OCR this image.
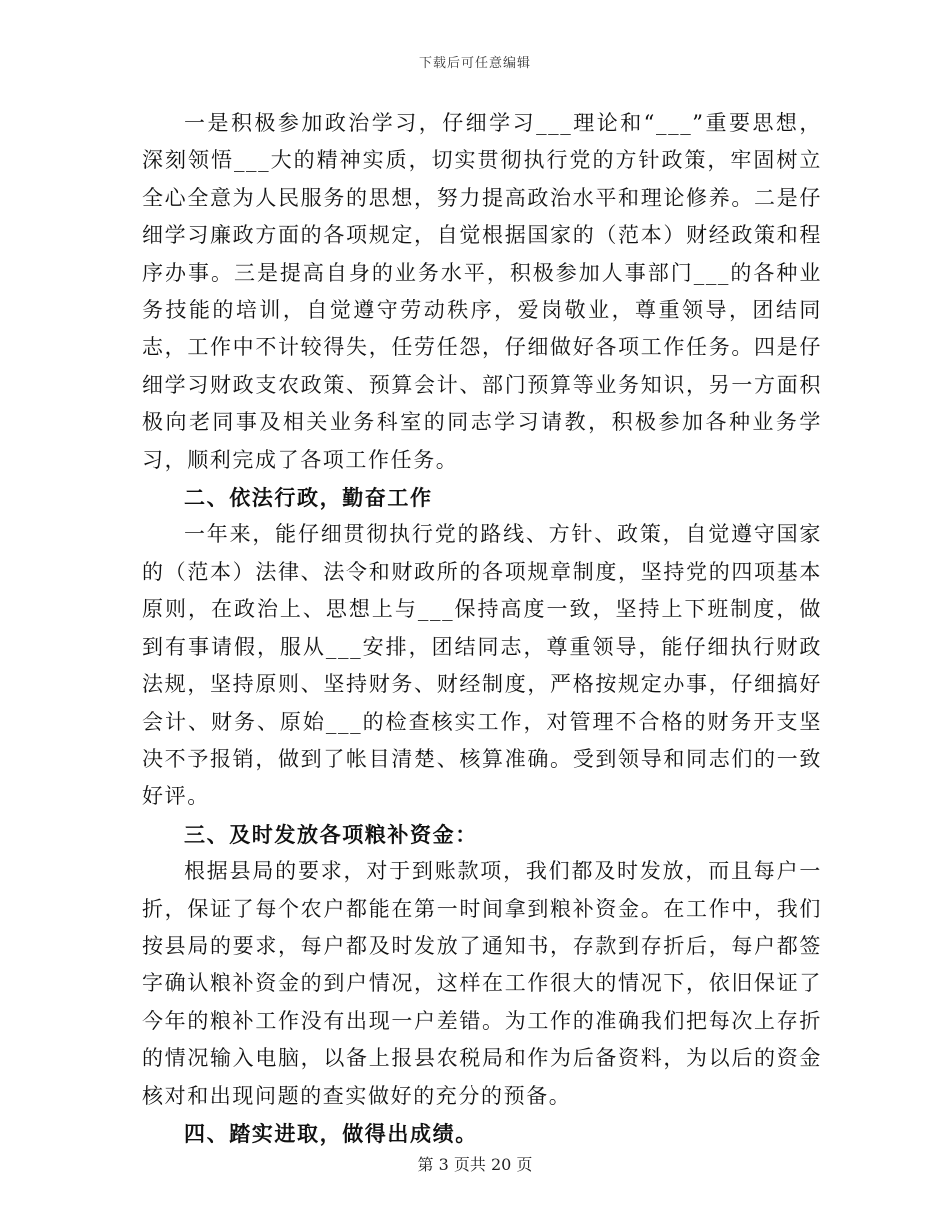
下载后可任意编辑

一是积极参加政治学习，仔细学习___理论和“___”重要思想，深刻领悟___大的精神实质，切实贯彻执行党的方针政策，牢固树立全心全意为人民服务的思想，努力提高政治水平和理论修养。二是仔细学习廉政方面的各项规定，自觉根据国家的（范本）财经政策和程序办事。三是提高自身的业务水平，积极参加人事部门___的各种业务技能的培训，自觉遵守劳动秩序，爱岗敬业，尊重领导，团结同志，工作中不计较得失，任劳任怨，仔细做好各项工作任务。四是仔细学习财政支农政策、预算会计、部门预算等业务知识，另一方面积极向老同事及相关业务科室的同志学习请教，积极参加各种业务学习，顺利完成了各项工作任务。

二、依法行政，勤奋工作

一年来，能仔细贯彻执行党的路线、方针、政策，自觉遵守国家的（范本）法律、法令和财政所的各项规章制度，坚持党的四项基本原则，在政治上、思想上与___保持高度一致，坚持上下班制度，做到有事请假，服从___安排，团结同志，尊重领导，能仔细执行财政法规，坚持原则、坚持财务、财经制度，严格按规定办事，仔细搞好会计、财务、原始___的检查核实工作，对管理不合格的财务开支坚决不予报销，做到了帐目清楚、核算准确。受到领导和同志们的一致好评。

三、及时发放各项粮补资金：

根据县局的要求，对于到账款项，我们都及时发放，而且每户一折，保证了每个农户都能在第一时间拿到粮补资金。在工作中，我们按县局的要求，每户都及时发放了通知书，存款到存折后，每户都签字确认粮补资金的到户情况，这样在工作很大的情况下，依旧保证了今年的粮补工作没有出现一户差错。为工作的准确我们把每次上存折的情况输入电脑，以备上报县农税局和作为后备资料，为以后的资金核对和出现问题的查实做好的充分的预备。

四、踏实进取，做得出成绩。

第 3 页共 20 页
